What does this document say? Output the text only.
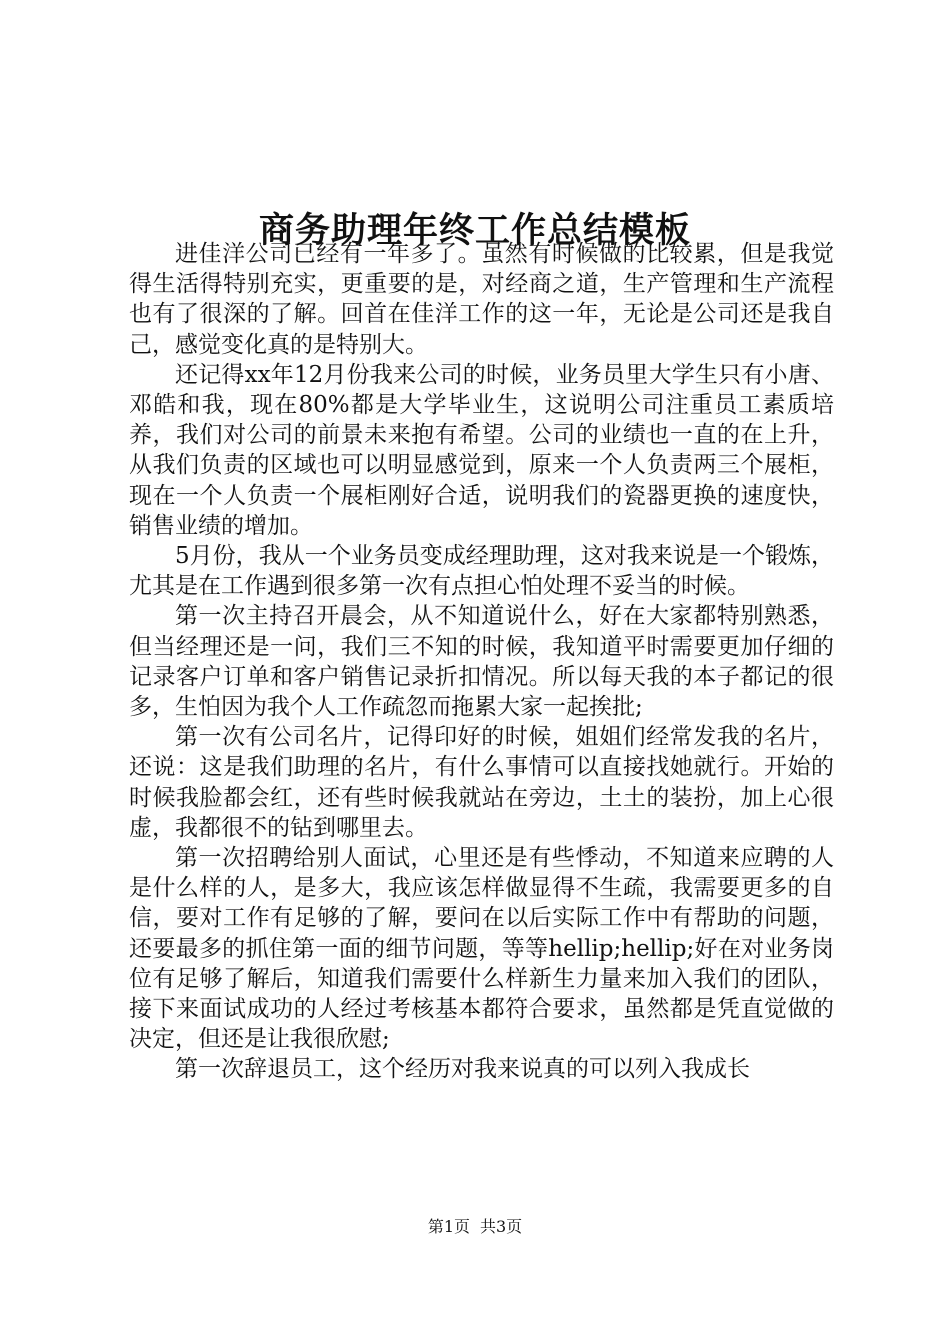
商务助理年终工作总结模板

进佳洋公司已经有一年多了。虽然有时候做的比较累，但是我觉得生活得特别充实，更重要的是，对经商之道，生产管理和生产流程也有了很深的了解。回首在佳洋工作的这一年，无论是公司还是我自己，感觉变化真的是特别大。

还记得xx年12月份我来公司的时候，业务员里大学生只有小唐、邓皓和我，现在80%都是大学毕业生，这说明公司注重员工素质培养，我们对公司的前景未来抱有希望。公司的业绩也一直的在上升，从我们负责的区域也可以明显感觉到，原来一个人负责两三个展柜，现在一个人负责一个展柜刚好合适，说明我们的瓷器更换的速度快，销售业绩的增加。

5月份，我从一个业务员变成经理助理，这对我来说是一个锻炼，尤其是在工作遇到很多第一次有点担心怕处理不妥当的时候。

第一次主持召开晨会，从不知道说什么，好在大家都特别熟悉，但当经理还是一问，我们三不知的时候，我知道平时需要更加仔细的记录客户订单和客户销售记录折扣情况。所以每天我的本子都记的很多，生怕因为我个人工作疏忽而拖累大家一起挨批;

第一次有公司名片，记得印好的时候，姐姐们经常发我的名片，还说：这是我们助理的名片，有什么事情可以直接找她就行。开始的时候我脸都会红，还有些时候我就站在旁边，土土的装扮，加上心很虚，我都很不的钻到哪里去。

第一次招聘给别人面试，心里还是有些悸动，不知道来应聘的人是什么样的人，是多大，我应该怎样做显得不生疏，我需要更多的自信，要对工作有足够的了解，要问在以后实际工作中有帮助的问题，还要最多的抓住第一面的细节问题，等等hellip;hellip;好在对业务岗位有足够了解后，知道我们需要什么样新生力量来加入我们的团队，接下来面试成功的人经过考核基本都符合要求，虽然都是凭直觉做的决定，但还是让我很欣慰;

第一次辞退员工，这个经历对我来说真的可以列入我成长

第1页 共3页
